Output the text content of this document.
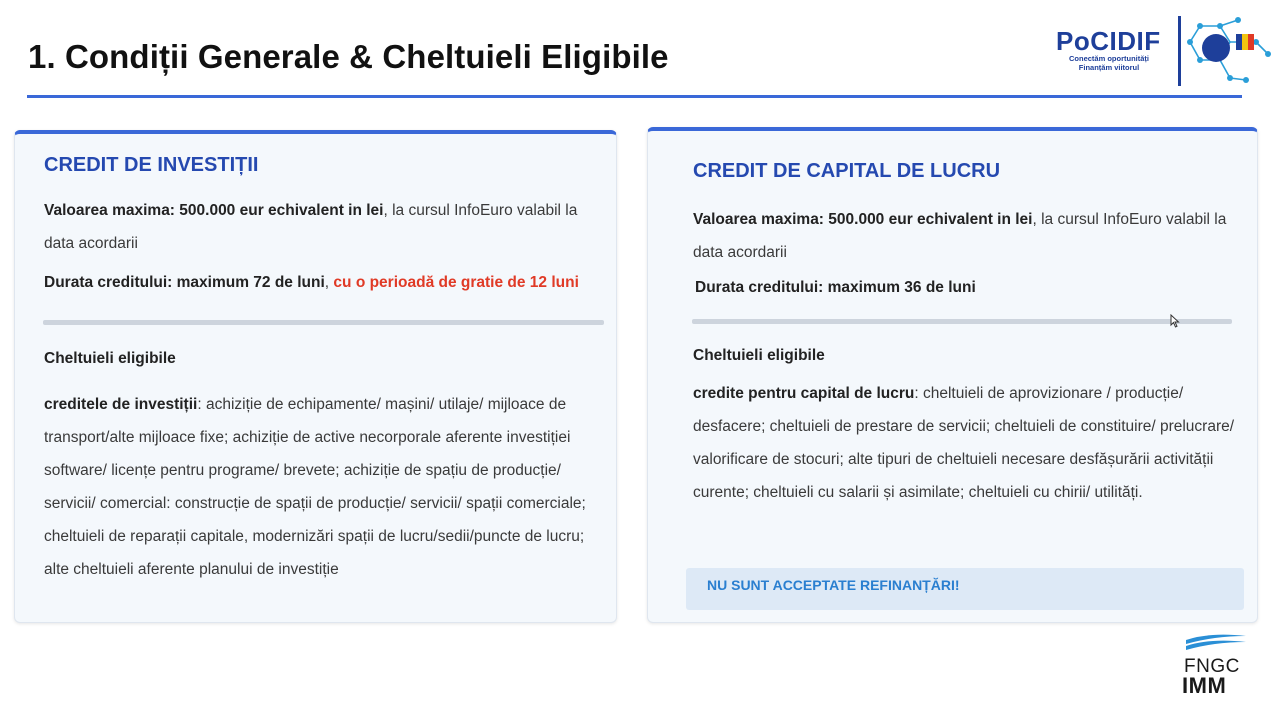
1. Condiții Generale & Cheltuieli Eligibile	PoCIDIF
Conectăm oportunități
Finanțăm viitorul
CREDIT DE INVESTIȚII
Valoarea maxima: 500.000 eur echivalent in lei, la cursul InfoEuro valabil la data acordarii
Durata creditului: maximum 72 de luni, cu o perioadă de gratie de 12 luni
Cheltuieli eligibile
creditele de investiții: achiziție de echipamente/ mașini/ utilaje/ mijloace de transport/alte mijloace fixe; achiziție de active necorporale aferente investiției software/ licențe pentru programe/ brevete; achiziție de spațiu de producție/ servicii/ comercial: construcție de spații de producție/ servicii/ spații comerciale; cheltuieli de reparații capitale, modernizări spații de lucru/sedii/puncte de lucru; alte cheltuieli aferente planului de investiție
CREDIT DE CAPITAL DE LUCRU
Valoarea maxima: 500.000 eur echivalent in lei, la cursul InfoEuro valabil la data acordarii
Durata creditului: maximum 36 de luni
Cheltuieli eligibile
credite pentru capital de lucru: cheltuieli de aprovizionare / producție/ desfacere; cheltuieli de prestare de servicii; cheltuieli de constituire/ prelucrare/ valorificare de stocuri; alte tipuri de cheltuieli necesare desfășurării activității curente; cheltuieli cu salarii și asimilate; cheltuieli cu chirii/ utilități.
NU SUNT ACCEPTATE REFINANȚĂRI!
FNGC
IMM
